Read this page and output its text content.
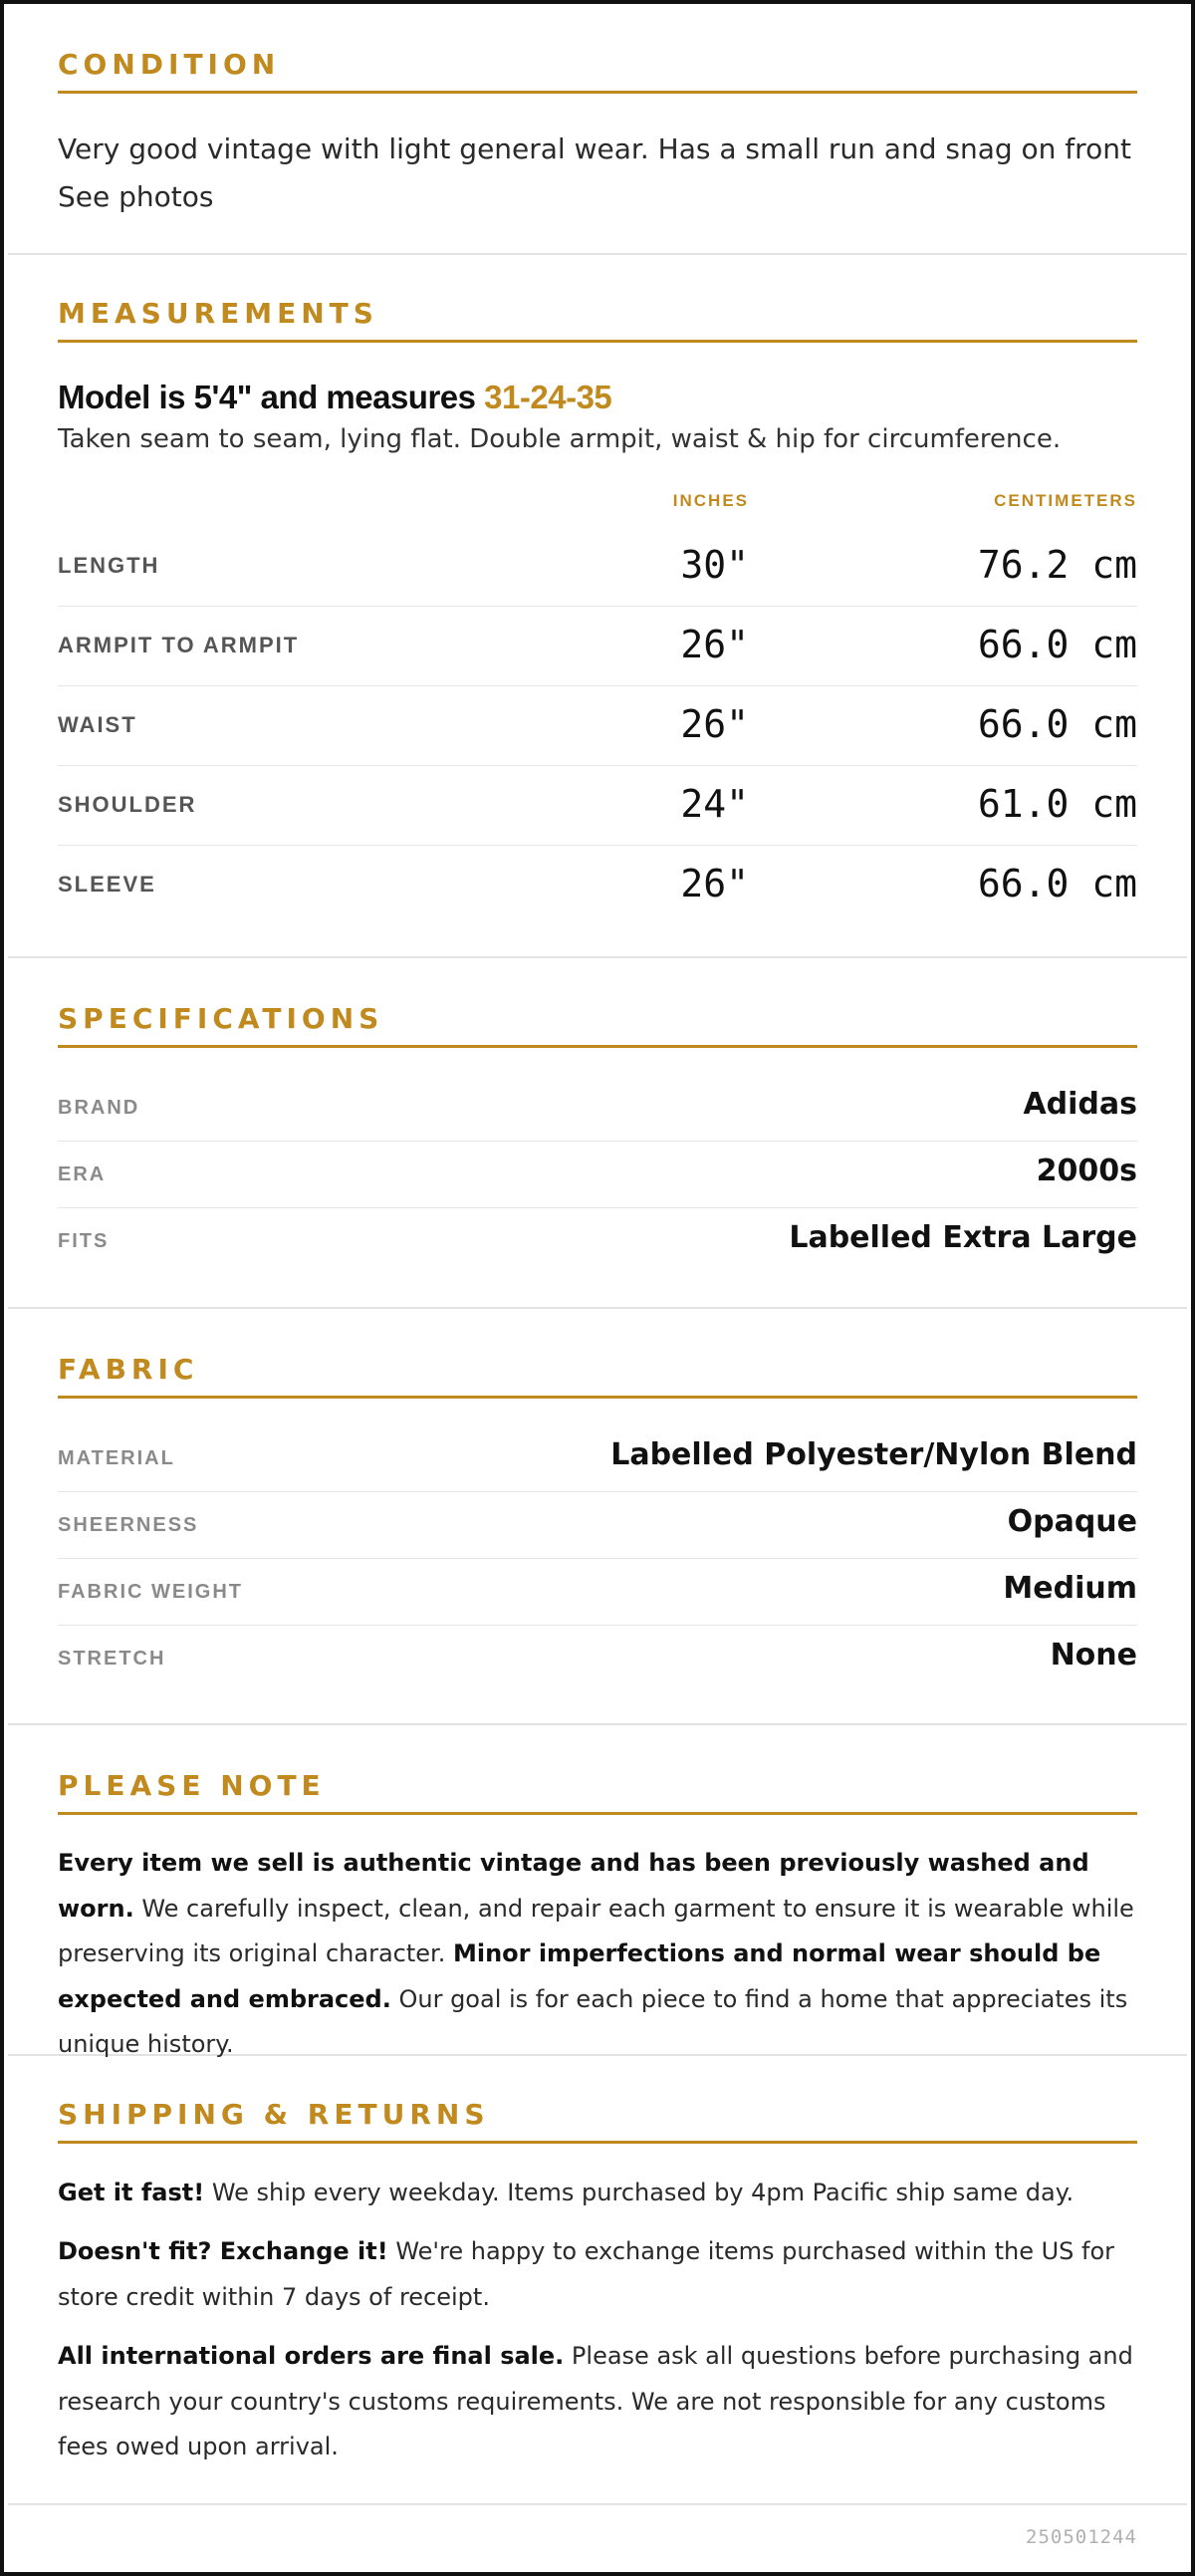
CONDITION
Very good vintage with light general wear. Has a small run and snag on front See photos
MEASUREMENTS
Model is 5'4" and measures 31-24-35
Taken seam to seam, lying flat. Double armpit, waist & hip for circumference.
INCHES	CENTIMETERS
LENGTH	30"	76.2 cm
ARMPIT TO ARMPIT	26"	66.0 cm
WAIST	26"	66.0 cm
SHOULDER	24"	61.0 cm
SLEEVE	26"	66.0 cm
SPECIFICATIONS
BRAND	Adidas
ERA	2000s
FITS	Labelled Extra Large
FABRIC
MATERIAL	Labelled Polyester/Nylon Blend
SHEERNESS	Opaque
FABRIC WEIGHT	Medium
STRETCH	None
PLEASE NOTE
Every item we sell is authentic vintage and has been previously washed and worn. We carefully inspect, clean, and repair each garment to ensure it is wearable while preserving its original character. Minor imperfections and normal wear should be expected and embraced. Our goal is for each piece to find a home that appreciates its unique history.
SHIPPING & RETURNS
Get it fast! We ship every weekday. Items purchased by 4pm Pacific ship same day.
Doesn't fit? Exchange it! We're happy to exchange items purchased within the US for store credit within 7 days of receipt.
All international orders are final sale. Please ask all questions before purchasing and research your country's customs requirements. We are not responsible for any customs fees owed upon arrival.
250501244
